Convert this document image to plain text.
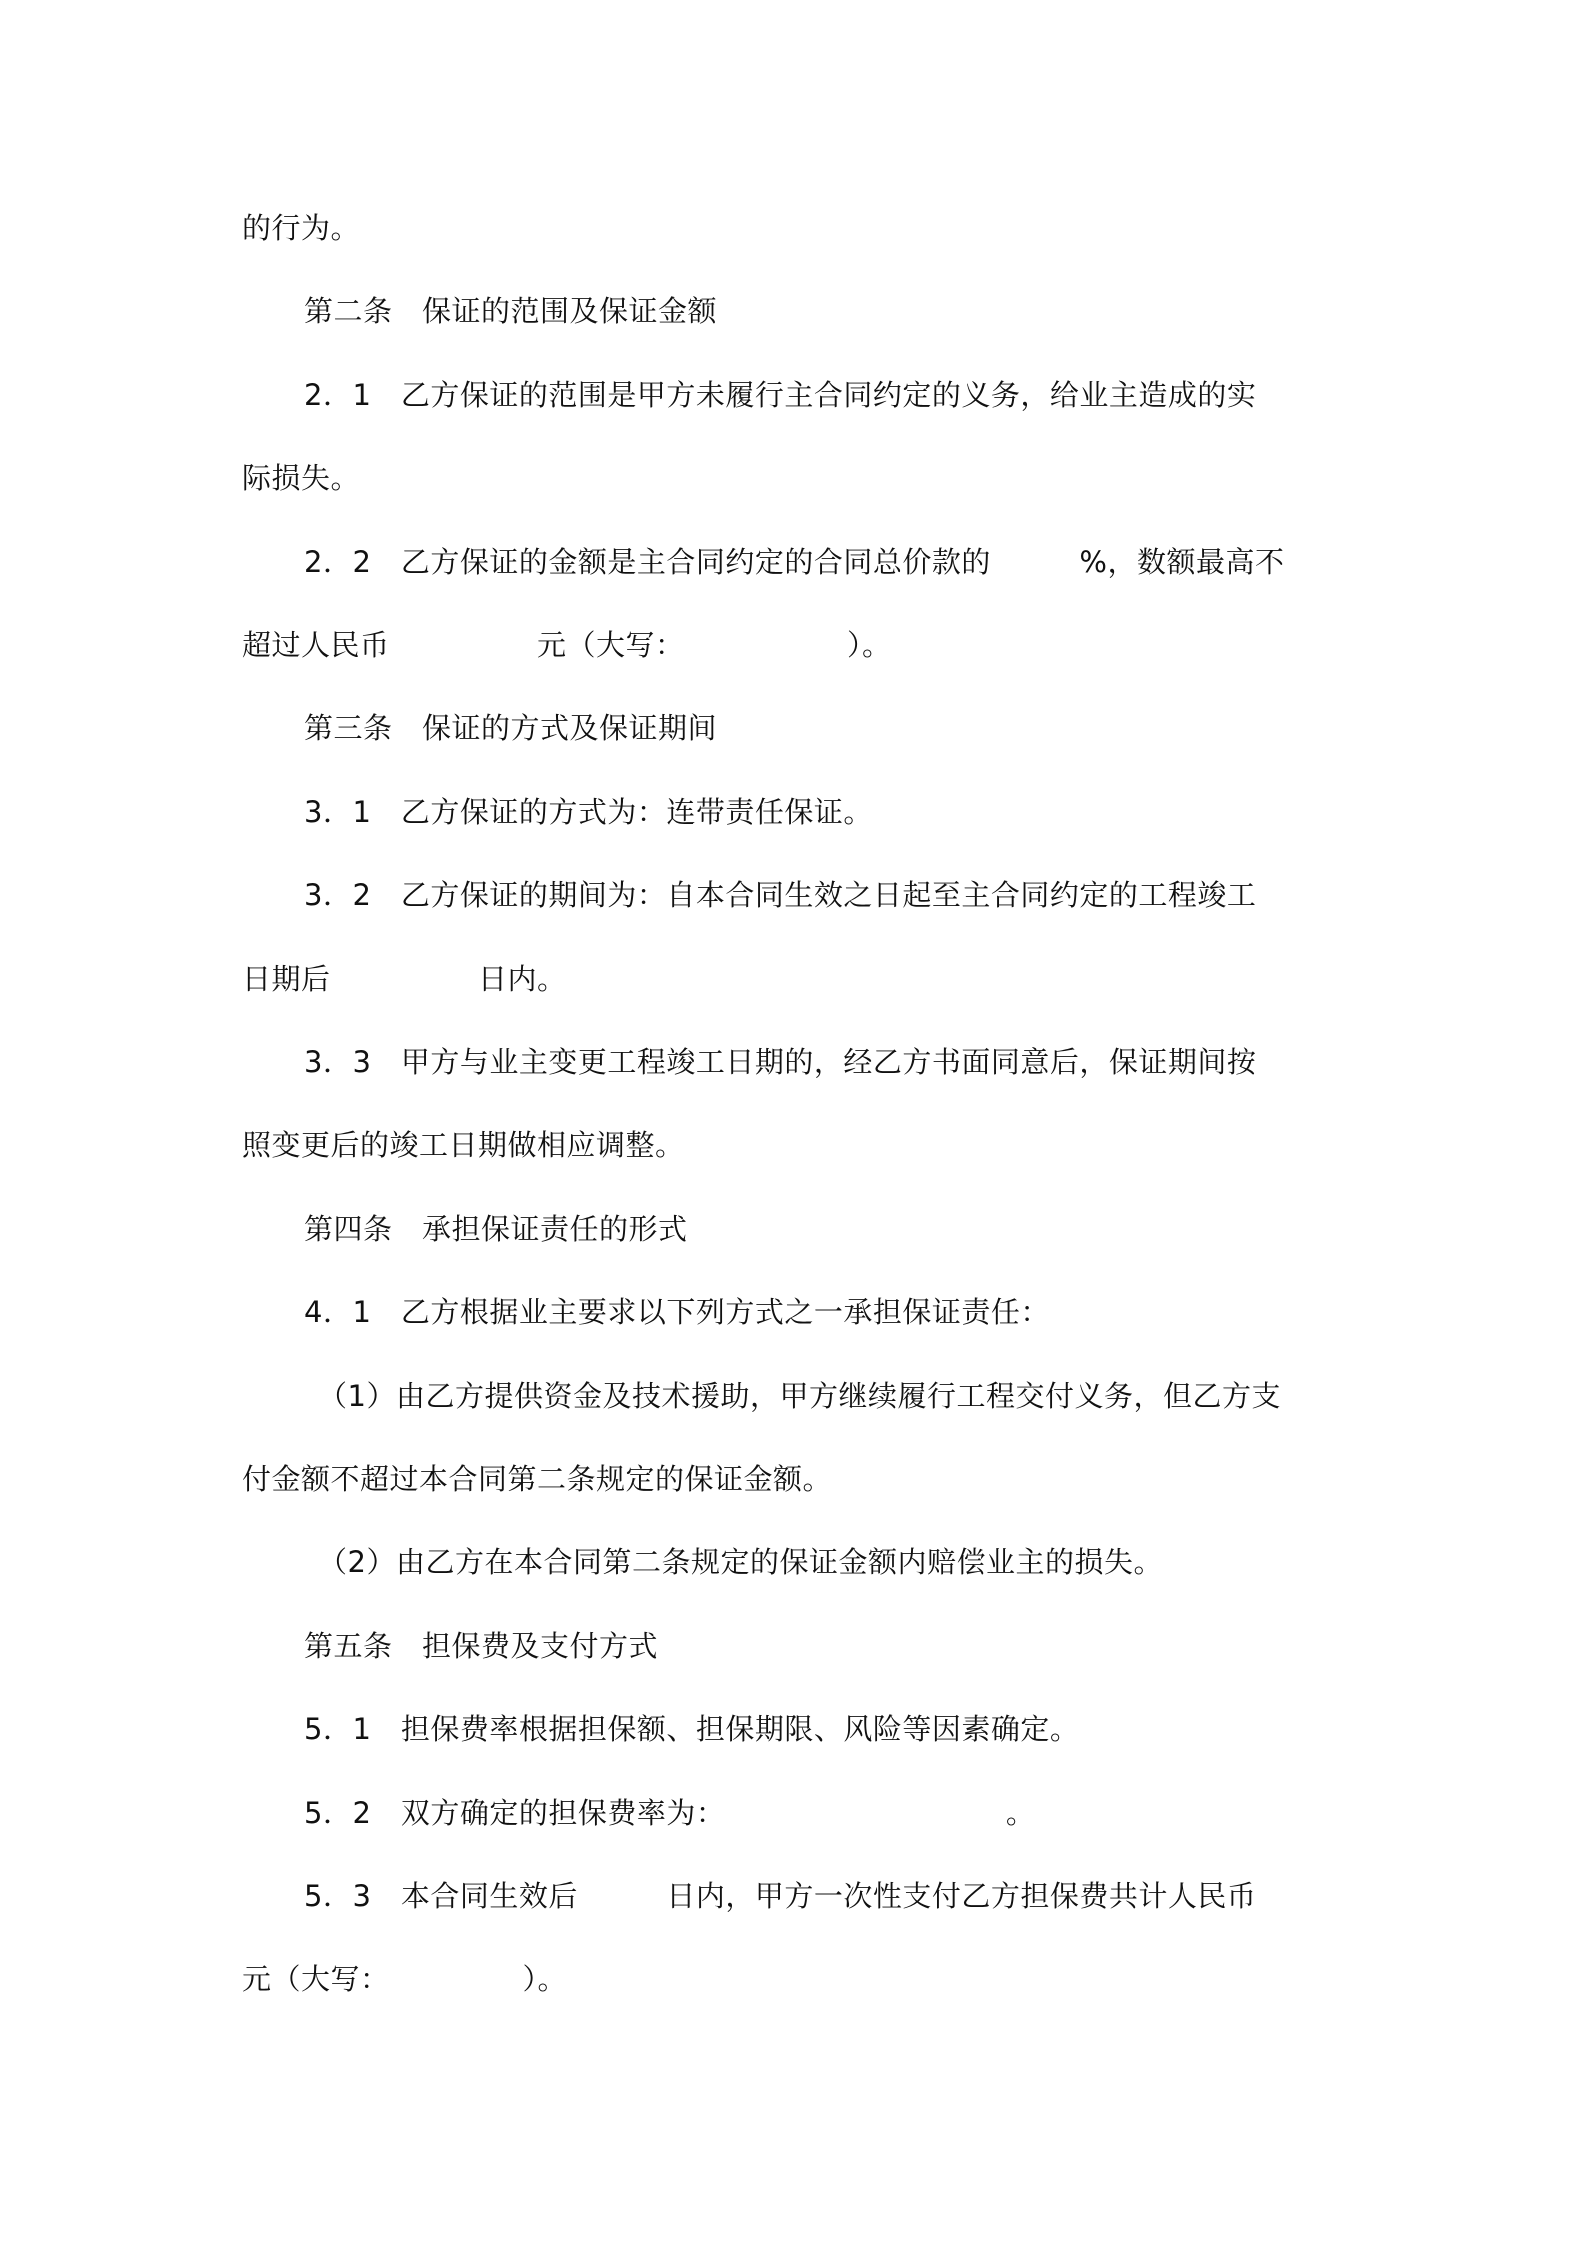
的行为。

第二条　保证的范围及保证金额

2．1　乙方保证的范围是甲方未履行主合同约定的义务，给业主造成的实

际损失。

2．2　乙方保证的金额是主合同约定的合同总价款的　　　%，数额最高不

超过人民币　　　　　元（大写：　　　　　　）。

第三条　保证的方式及保证期间

3．1　乙方保证的方式为：连带责任保证。

3．2　乙方保证的期间为：自本合同生效之日起至主合同约定的工程竣工

日期后　　　　　日内。

3．3　甲方与业主变更工程竣工日期的，经乙方书面同意后，保证期间按

照变更后的竣工日期做相应调整。

第四条　承担保证责任的形式

4．1　乙方根据业主要求以下列方式之一承担保证责任：

（1）由乙方提供资金及技术援助，甲方继续履行工程交付义务，但乙方支

付金额不超过本合同第二条规定的保证金额。

（2）由乙方在本合同第二条规定的保证金额内赔偿业主的损失。

第五条　担保费及支付方式

5．1　担保费率根据担保额、担保期限、风险等因素确定。

5．2　双方确定的担保费率为：　　　　　　　　　　。

5．3　本合同生效后　　　日内，甲方一次性支付乙方担保费共计人民币

元（大写：　　　　　）。
